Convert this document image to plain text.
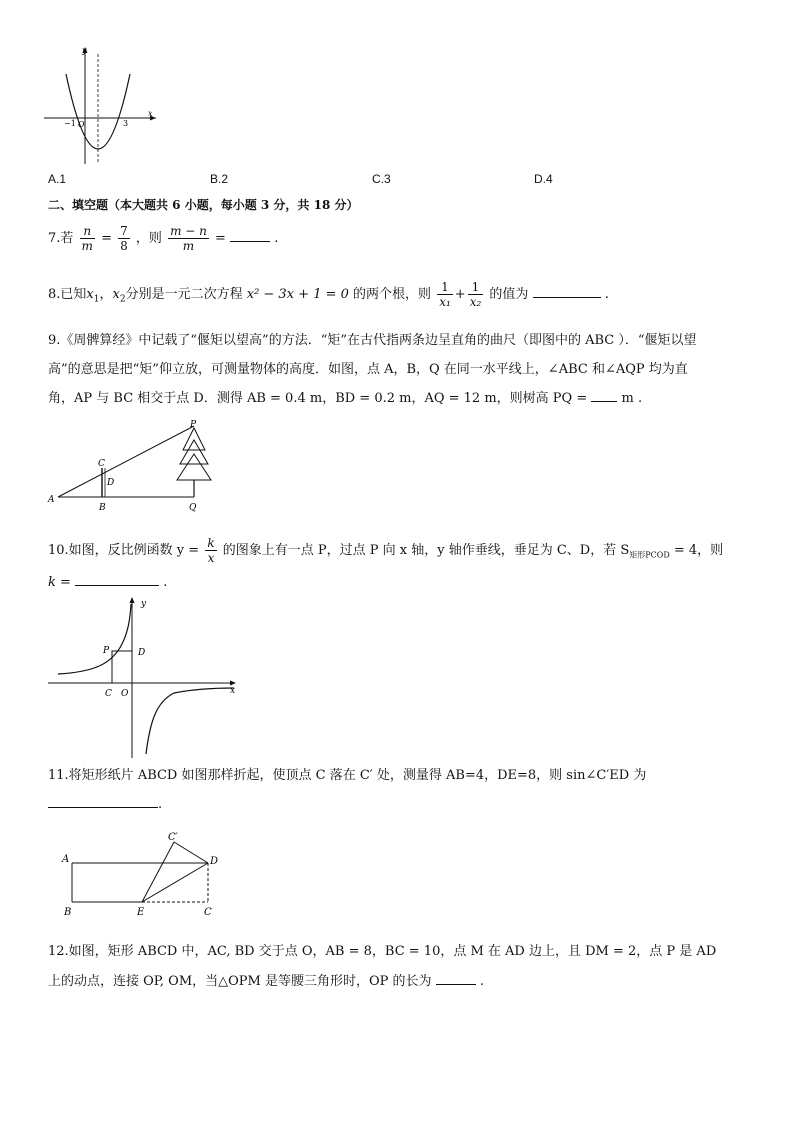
y
x
−1 O	3
A.1	B.2	C.3	D.4
二、填空题（本大题共 6 小题，每小题 3 分，共 18 分）
7.若 $\frac{n}{m} = \frac{7}{8}$ ，则 $\frac{m - n}{m}$ =	.
8.已知$x_1$，$x_2$分别是一元二次方程 x² − 3x + 1 = 0 的两个根，则 $\frac{1}{\text{x₁}} + \frac{1}{\text{x₂}}$ 的值为	.
9.《周髀算经》中记载了“偃矩以望高”的方法．“矩”在古代指两条边呈直角的曲尺（即图中的 ABC ）．“偃矩以望
高”的意思是把“矩”仰立放，可测量物体的高度．如图，点 A，B，Q 在同一水平线上，∠ABC 和∠AQP 均为直
角，AP 与 BC 相交于点 D．测得 AB = 0.4 m，BD = 0.2 m，AQ = 12 m，则树高 PQ =	m .
P
C
D
A
B	Q
10.如图，反比例函数 $y = \frac{k}{x}$ 的图象上有一点 P，过点 P 向 x 轴，y 轴作垂线，垂足为 C、D，若 $S_{矩形PCOD} = 4$，则
k =	.
P	D
C O
y
x
11.将矩形纸片 ABCD 如图那样折起，使顶点 C 落在 C′ 处，测量得 AB=4，DE=8，则 sin∠C′ED 为
.
C′
A	D
B	E	C
12.如图，矩形 ABCD 中，AC, BD 交于点 O，AB = 8，BC = 10，点 M 在 AD 边上，且 DM = 2，点 P 是 AD
上的动点，连接 OP, OM，当△OPM 是等腰三角形时，OP 的长为	.
